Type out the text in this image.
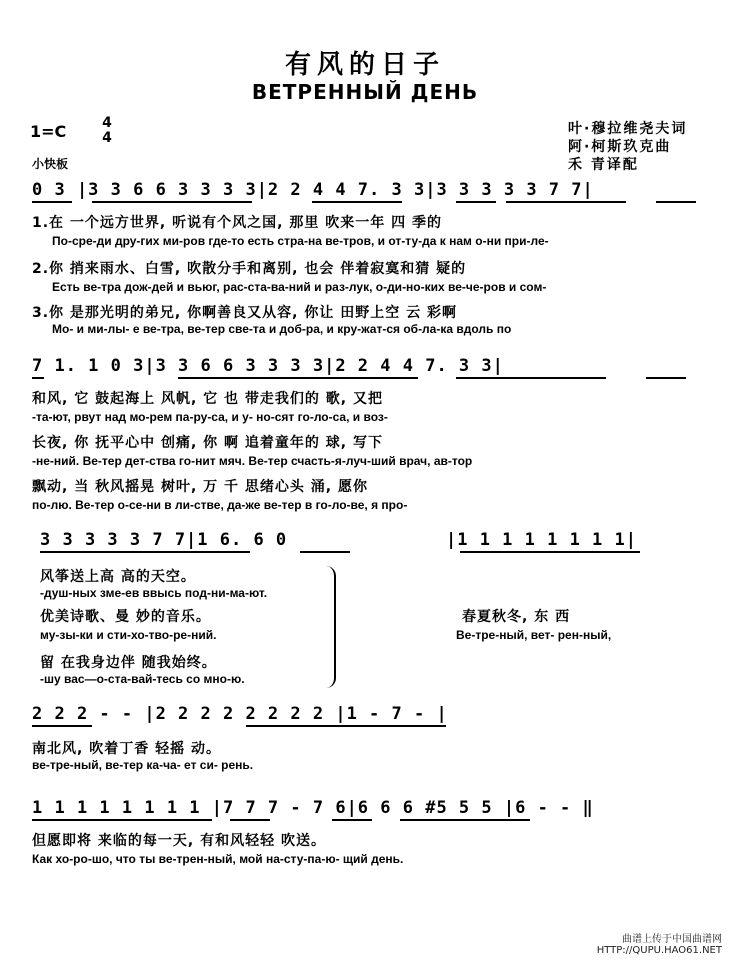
有风的日子
ВЕТРЕННЫЙ ДЕНЬ
叶·穆拉维尧夫词
阿·柯斯玖克曲
禾 青译配
1=C	4
4
小快板
0 3 |3 3 6 6 3 3 3 3|2 2 4 4 7. 3 3|3 3 3 3 3 7 7|
1.在 一个远方世界, 听说有个风之国, 那里 吹来一年 四 季的
По-сре-ди дру-гих ми-ров где-то есть стра-на ве-тров, и от-ту-да к нам о-ни при-ле-
2.你 捎来雨水、白雪, 吹散分手和离别, 也会 伴着寂寞和猜 疑的
Есть ве-тра дож-дей и вьюг, рас-ста-ва-ний и раз-лук, о-ди-но-ких ве-че-ров и сом-
3.你 是那光明的弟兄, 你啊善良又从容, 你让 田野上空 云 彩啊
Мо- и ми-лы- е ве-тра, ве-тер све-та и доб-ра, и кру-жат-ся об-ла-ка вдоль по
7 1. 1 0 3|3 3 6 6 3 3 3 3|2 2 4 4 7. 3 3|
和风, 它 鼓起海上 风帆, 它 也 带走我们的 歌, 又把
-та-ют, рвут над мо-рем па-ру-са, и у- но-сят го-ло-са, и воз-
长夜, 你 抚平心中 创痛, 你 啊 追着童年的 球, 写下
-не-ний. Ве-тер дет-ства го-нит мяч. Ве-тер счасть-я-луч-ший врач, ав-тор
飘动, 当 秋风摇晃 树叶, 万 千 思绪心头 涌, 愿你
по-лю. Ве-тер о-се-ни в ли-стве, да-же ве-тер в го-ло-ве, я про-
3 3 3 3 3 7 7|1 6. 6 0	|1 1 1 1 1 1 1 1|
风筝送上高 高的天空。
-душ-ных зме-ев ввысь под-ни-ма-ют.
优美诗歌、曼 妙的音乐。
му-зы-ки и сти-хо-тво-ре-ний.
留 在我身边伴 随我始终。
-шу вас—о-ста-вай-тесь со мно-ю.
春夏秋冬, 东 西
Ве-тре-ный, вет- рен-ный,
2 2 2 - - |2 2 2 2 2 2 2 2 |1 - 7 - |
南北风, 吹着丁香 轻摇 动。
ве-тре-ный, ве-тер ка-ча- ет си- рень.
1 1 1 1 1 1 1 1 |7 7 7 - 7 6|6 6 6 #5 5 5 |6 - - ‖
但愿即将 来临的每一天, 有和风轻轻 吹送。
Как хо-ро-шо, что ты ве-трен-ный, мой на-сту-па-ю- щий день.
曲谱上传于中国曲谱网
HTTP://QUPU.HAO61.NET
